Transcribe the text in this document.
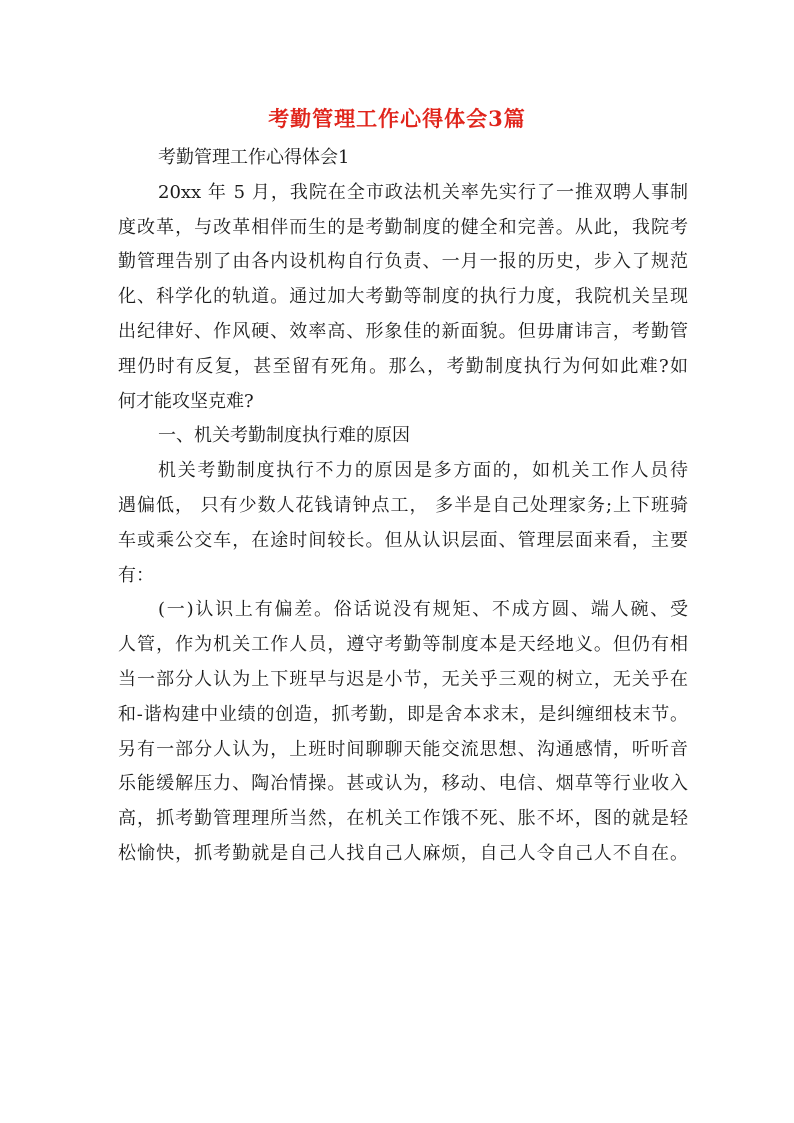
考勤管理工作心得体会3篇

考勤管理工作心得体会1

20xx 年 5 月，我院在全市政法机关率先实行了一推双聘人事制

度改革，与改革相伴而生的是考勤制度的健全和完善。从此，我院考

勤管理告别了由各内设机构自行负责、一月一报的历史，步入了规范

化、科学化的轨道。通过加大考勤等制度的执行力度，我院机关呈现

出纪律好、作风硬、效率高、形象佳的新面貌。但毋庸讳言，考勤管

理仍时有反复，甚至留有死角。那么，考勤制度执行为何如此难?如

何才能攻坚克难?

一、机关考勤制度执行难的原因

机关考勤制度执行不力的原因是多方面的，如机关工作人员待

遇偏低， 只有少数人花钱请钟点工， 多半是自己处理家务;上下班骑

车或乘公交车，在途时间较长。但从认识层面、管理层面来看，主要

有：

(一)认识上有偏差。俗话说没有规矩、不成方圆、端人碗、受

人管，作为机关工作人员，遵守考勤等制度本是天经地义。但仍有相

当一部分人认为上下班早与迟是小节，无关乎三观的树立，无关乎在

和-谐构建中业绩的创造，抓考勤，即是舍本求末，是纠缠细枝末节。

另有一部分人认为，上班时间聊聊天能交流思想、沟通感情，听听音

乐能缓解压力、陶冶情操。甚或认为，移动、电信、烟草等行业收入

高，抓考勤管理理所当然，在机关工作饿不死、胀不坏，图的就是轻

松愉快，抓考勤就是自己人找自己人麻烦，自己人令自己人不自在。
